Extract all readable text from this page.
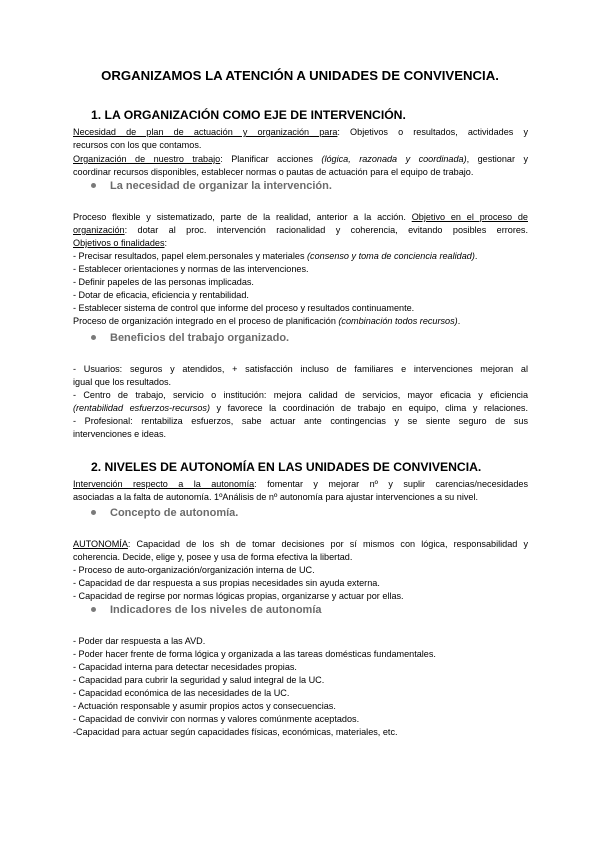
ORGANIZAMOS LA ATENCIÓN A UNIDADES DE CONVIVENCIA.
1. LA ORGANIZACIÓN COMO EJE DE INTERVENCIÓN.
Necesidad de plan de actuación y organización para: Objetivos o resultados, actividades y
recursos con los que contamos.
Organización de nuestro trabajo: Planificar acciones (lógica, razonada y coordinada), gestionar y
coordinar recursos disponibles, establecer normas o pautas de actuación para el equipo de trabajo.
La necesidad de organizar la intervención.
Proceso flexible y sistematizado, parte de la realidad, anterior a la acción. Objetivo en el proceso de
organización: dotar al proc. intervención racionalidad y coherencia, evitando posibles errores.
Objetivos o finalidades:
- Precisar resultados, papel elem.personales y materiales (consenso y toma de conciencia realidad).
- Establecer orientaciones y normas de las intervenciones.
- Definir papeles de las personas implicadas.
- Dotar de eficacia, eficiencia y rentabilidad.
- Establecer sistema de control que informe del proceso y resultados continuamente.
Proceso de organización integrado en el proceso de planificación (combinación todos recursos).
Beneficios del trabajo organizado.
- Usuarios: seguros y atendidos, + satisfacción incluso de familiares e intervenciones mejoran al
igual que los resultados.
- Centro de trabajo, servicio o institución: mejora calidad de servicios, mayor eficacia y eficiencia
(rentabilidad esfuerzos-recursos) y favorece la coordinación de trabajo en equipo, clima y relaciones.
- Profesional: rentabiliza esfuerzos, sabe actuar ante contingencias y se siente seguro de sus
intervenciones e ideas.
2. NIVELES DE AUTONOMÍA EN LAS UNIDADES DE CONVIVENCIA.
Intervención respecto a la autonomía: fomentar y mejorar nº y suplir carencias/necesidades
asociadas a la falta de autonomía. 1ºAnálisis de nº autonomía para ajustar intervenciones a su nivel.
Concepto de autonomía.
AUTONOMÍA: Capacidad de los sh de tomar decisiones por sí mismos con lógica, responsabilidad y
coherencia. Decide, elige y, posee y usa de forma efectiva la libertad.
- Proceso de auto-organización/organización interna de UC.
- Capacidad de dar respuesta a sus propias necesidades sin ayuda externa.
- Capacidad de regirse por normas lógicas propias, organizarse y actuar por ellas.
Indicadores de los niveles de autonomía
- Poder dar respuesta a las AVD.
- Poder hacer frente de forma lógica y organizada a las tareas domésticas fundamentales.
- Capacidad interna para detectar necesidades propias.
- Capacidad para cubrir la seguridad y salud integral de la UC.
- Capacidad económica de las necesidades de la UC.
- Actuación responsable y asumir propios actos y consecuencias.
- Capacidad de convivir con normas y valores comúnmente aceptados.
-Capacidad para actuar según capacidades físicas, económicas, materiales, etc.
